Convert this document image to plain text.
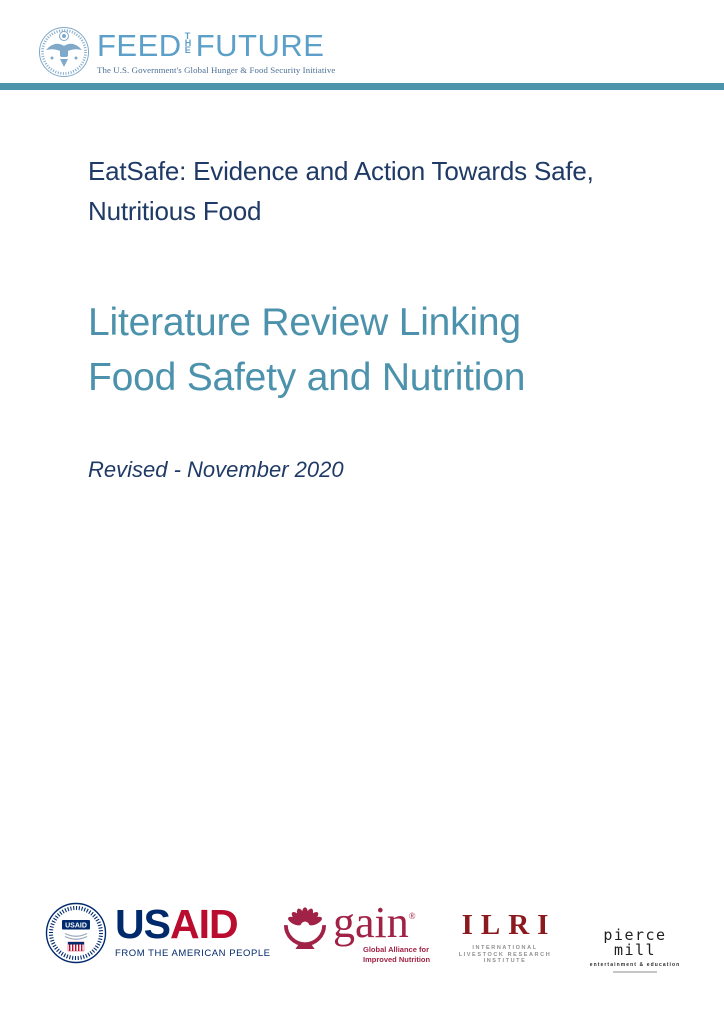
FEED THE FUTURE
The U.S. Government's Global Hunger & Food Security Initiative
EatSafe: Evidence and Action Towards Safe,
Nutritious Food
Literature Review Linking
Food Safety and Nutrition

Revised - November 2020

USAID USAID
FROM THE AMERICAN PEOPLE
gain®
Global Alliance for
Improved Nutrition
ILRI
INTERNATIONAL
LIVESTOCK RESEARCH
INSTITUTE
pierce mill
entertainment & education
